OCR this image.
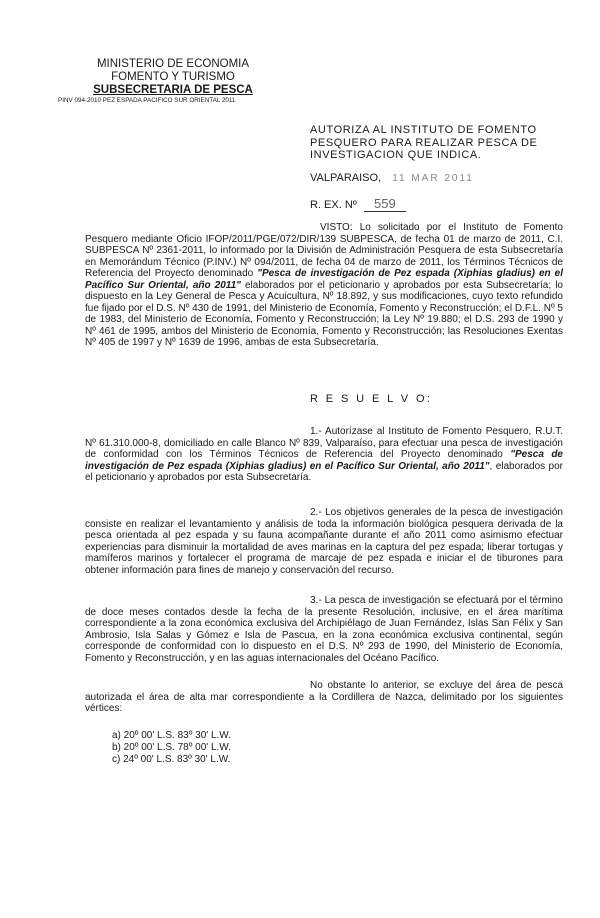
MINISTERIO DE ECONOMIA
FOMENTO Y TURISMO
SUBSECRETARIA DE PESCA
PINV 094-2010 PEZ ESPADA PACIFICO SUR ORIENTAL 2011
AUTORIZA AL INSTITUTO DE FOMENTO
PESQUERO PARA REALIZAR PESCA DE
INVESTIGACION QUE INDICA.
VALPARAISO, 11 MAR 2011
R. EX. Nº 559
VISTO: Lo solicitado por el Instituto de Fomento Pesquero mediante Oficio IFOP/2011/PGE/072/DIR/139 SUBPESCA, de fecha 01 de marzo de 2011, C.I. SUBPESCA Nº 2361-2011, lo informado por la División de Administración Pesquera de esta Subsecretaría en Memorándum Técnico (P.INV.) Nº 094/2011, de fecha 04 de marzo de 2011, los Términos Técnicos de Referencia del Proyecto denominado "Pesca de investigación de Pez espada (Xiphias gladius) en el Pacífico Sur Oriental, año 2011" elaborados por el peticionario y aprobados por esta Subsecretaría; lo dispuesto en la Ley General de Pesca y Acuicultura, Nº 18.892, y sus modificaciones, cuyo texto refundido fue fijado por el D.S. Nº 430 de 1991, del Ministerio de Economía, Fomento y Reconstrucción; el D.F.L. Nº 5 de 1983, del Ministerio de Economía, Fomento y Reconstrucción; la Ley Nº 19.880; el D.S. 293 de 1990 y Nº 461 de 1995, ambos del Ministerio de Economía, Fomento y Reconstrucción; las Resoluciones Exentas Nº 405 de 1997 y Nº 1639 de 1996, ambas de esta Subsecretaría.
R E S U E L V O:
1.- Autorízase al Instituto de Fomento Pesquero, R.U.T. Nº 61.310.000-8, domiciliado en calle Blanco Nº 839, Valparaíso, para efectuar una pesca de investigación de conformidad con los Términos Técnicos de Referencia del Proyecto denominado "Pesca de investigación de Pez espada (Xiphias gladius) en el Pacífico Sur Oriental, año 2011", elaborados por el peticionario y aprobados por esta Subsecretaría.
2.- Los objetivos generales de la pesca de investigación consiste en realizar el levantamiento y análisis de toda la información biológica pesquera derivada de la pesca orientada al pez espada y su fauna acompañante durante el año 2011 como asimismo efectuar experiencias para disminuir la mortalidad de aves marinas en la captura del pez espada; liberar tortugas y mamíferos marinos y fortalecer el programa de marcaje de pez espada e iniciar el de tiburones para obtener información para fines de manejo y conservación del recurso.
3.- La pesca de investigación se efectuará por el término de doce meses contados desde la fecha de la presente Resolución, inclusive, en el área marítima correspondiente a la zona económica exclusiva del Archipiélago de Juan Fernández, Islas San Félix y San Ambrosio, Isla Salas y Gómez e Isla de Pascua, en la zona económica exclusiva continental, según corresponde de conformidad con lo dispuesto en el D.S. Nº 293 de 1990, del Ministerio de Economía, Fomento y Reconstrucción, y en las aguas internacionales del Océano Pacífico.
No obstante lo anterior, se excluye del área de pesca autorizada el área de alta mar correspondiente a la Cordillera de Nazca, delimitado por los siguientes vértices:
a) 20º 00' L.S. 83º 30' L.W.
b) 20º 00' L.S. 78º 00' L.W.
c) 24º 00' L.S. 83º 30' L.W.
